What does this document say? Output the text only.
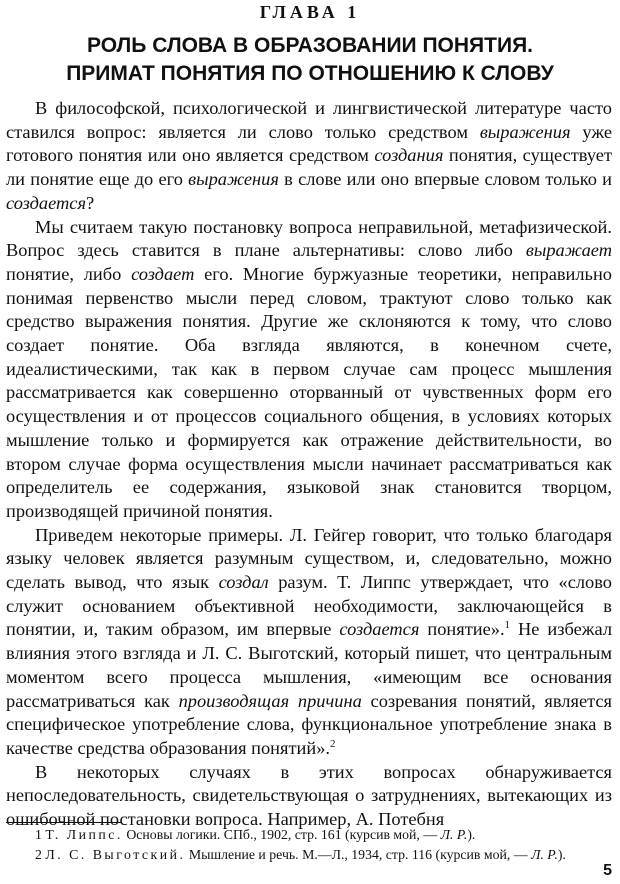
ГЛАВА 1
РОЛЬ СЛОВА В ОБРАЗОВАНИИ ПОНЯТИЯ.
ПРИМАТ ПОНЯТИЯ ПО ОТНОШЕНИЮ К СЛОВУ

В философской, психологической и лингвистической литературе часто ставился вопрос: является ли слово только средством выражения уже готового понятия или оно является средством создания понятия, существует ли понятие еще до его выражения в слове или оно впервые словом только и создается?

Мы считаем такую постановку вопроса неправильной, метафизической. Вопрос здесь ставится в плане альтернативы: слово либо выражает понятие, либо создает его. Многие буржуазные теоретики, неправильно понимая первенство мысли перед словом, трактуют слово только как средство выражения понятия. Другие же склоняются к тому, что слово создает понятие. Оба взгляда являются, в конечном счете, идеалистическими, так как в первом случае сам процесс мышления рассматривается как совершенно оторванный от чувственных форм его осуществления и от процессов социального общения, в условиях которых мышление только и формируется как отражение действительности, во втором случае форма осуществления мысли начинает рассматриваться как определитель ее содержания, языковой знак становится творцом, производящей причиной понятия.

Приведем некоторые примеры. Л. Гейгер говорит, что только благодаря языку человек является разумным существом, и, следовательно, можно сделать вывод, что язык создал разум. Т. Липпс утверждает, что «слово служит основанием объективной необходимости, заключающейся в понятии, и, таким образом, им впервые создается понятие».$^1$ Не избежал влияния этого взгляда и Л. С. Выготский, который пишет, что центральным моментом всего процесса мышления, «имеющим все основания рассматриваться как производящая причина созревания понятий, является специфическое употребление слова, функциональное употребление знака в качестве средства образования понятий».$^2$

В некоторых случаях в этих вопросах обнаруживается непоследовательность, свидетельствующая о затруднениях, вытекающих из ошибочной постановки вопроса. Например, А. Потебня

1 Т. Липпс. Основы логики. СПб., 1902, стр. 161 (курсив мой, — Л. Р.).

2 Л. С. Выготский. Мышление и речь. М.—Л., 1934, стр. 116 (курсив мой, — Л. Р.).

5
